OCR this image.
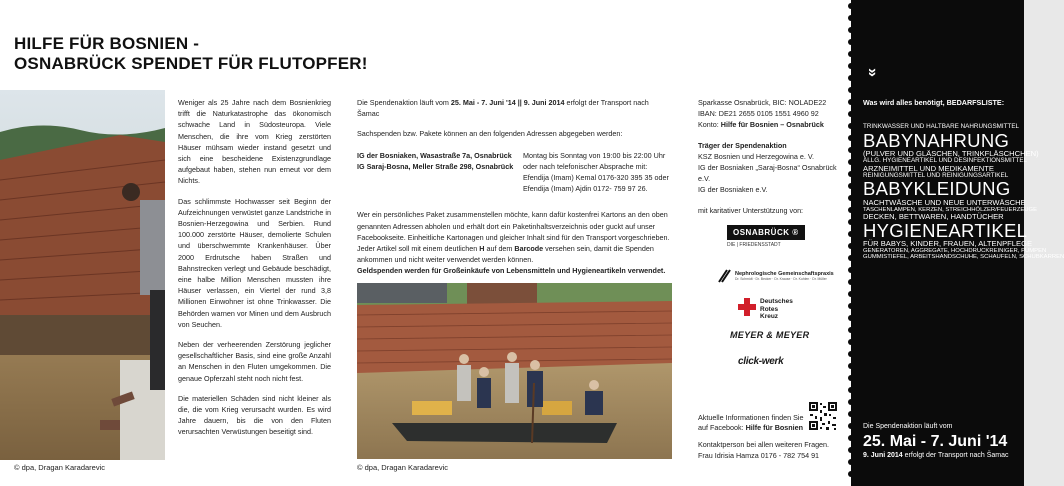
HILFE FÜR BOSNIEN -
OSNABRÜCK SPENDET FÜR FLUTOPFER!
© dpa, Dragan Karadarevic

Weniger als 25 Jahre nach dem Bosnienkrieg trifft die Naturkatastrophe das ökonomisch schwache Land in Südosteuropa. Viele Menschen, die ihre vom Krieg zerstörten Häuser mühsam wieder instand gesetzt und sich eine bescheidene Existenzgrundlage aufgebaut haben, stehen nun erneut vor dem Nichts.

Das schlimmste Hochwasser seit Beginn der Aufzeichnungen verwüstet ganze Landstriche in Bosnien-Herzegowina und Serbien. Rund 100.000 zerstörte Häuser, demolierte Schulen und überschwemmte Krankenhäuser. Über 2000 Erdrutsche haben Straßen und Bahnstrecken verlegt und Gebäude beschädigt, eine halbe Million Menschen mussten ihre Häuser verlassen, ein Viertel der rund 3,8 Millionen Einwohner ist ohne Trinkwasser. Die Behörden warnen vor Minen und dem Ausbruch von Seuchen.

Neben der verheerenden Zerstörung jeglicher gesellschaftlicher Basis, sind eine große Anzahl an Menschen in den Fluten umgekommen. Die genaue Opferzahl steht noch nicht fest.

Die materiellen Schäden sind nicht kleiner als die, die vom Krieg verursacht wurden. Es wird Jahre dauern, bis die von den Fluten verursachten Verwüstungen beseitigt sind.

Die Spendenaktion läuft vom 25. Mai - 7. Juni '14 || 9. Juni 2014 erfolgt der Transport nach Šamac

Sachspenden bzw. Pakete können an den folgenden Adressen abgegeben werden:

IG der Bosniaken, Wasastraße 7a, Osnabrück
IG Saraj-Bosna, Meller Straße 298, Osnabrück
Montag bis Sonntag von 19:00 bis 22:00 Uhr
oder nach telefonischer Absprache mit:
Efendija (Imam) Kemal 0176-320 395 35 oder
Efendija (Imam) Ajdin 0172- 759 97 26.

Wer ein persönliches Paket zusammenstellen möchte, kann dafür kostenfrei Kartons an den oben genannten Adressen abholen und erhält dort ein Paketinhaltsverzeichnis oder guckt auf unser Facebookseite. Einheitliche Kartonagen und gleicher Inhalt sind für den Transport vorgeschrieben. Jeder Artikel soll mit einem deutlichen H auf dem Barcode versehen sein, damit die Spenden ankommen und nicht weiter verwendet werden können.

Geldspenden werden für Großeinkäufe von Lebensmitteln und Hygieneartikeln verwendet.

© dpa, Dragan Karadarevic
Sparkasse Osnabrück, BIC: NOLADE22
IBAN: DE21 2655 0105 1551 4960 92
Konto: Hilfe für Bosnien – Osnabrück
Träger der Spendenaktion
KSZ Bosnien und Herzegowina e. V.
IG der Bosniaken „Saraj-Bosna“ Osnabrück e.V.
IG der Bosniaken e.V.
mit karitativer Unterstützung von:
OSNABRÜCK ®
DIE | FRIEDENSSTADT
Nephrologische Gemeinschaftspraxis
Dr. Schmidt · Dr. Becker · Dr. Krause · Dr. Kuhlen · Dr. Müller
Deutsches
Rotes
Kreuz
MEYER & MEYER
click-werk
Aktuelle Informationen finden Sie
auf Facebook: Hilfe für Bosnien
Kontaktperson bei allen weiteren Fragen.
Frau Idrisia Hamza 0176 - 782 754 91
»
Was wird alles benötigt, BEDARFSLISTE:
TRINKWASSER UND HALTBARE NAHRUNGSMITTEL
BABYNAHRUNG
(PULVER UND GLÄSCHEN, TRINKFLÄSCHCHEN)
ALLG. HYGIENEARTIKEL UND DESINFEKTIONSMITTEL
ARZNEIMITTEL UND MEDIKAMENTE
REINIGUNGSMITTEL UND REINIGUNGSARTIKEL
BABYKLEIDUNG
NACHTWÄSCHE UND NEUE UNTERWÄSCHE
TASCHENLAMPEN, KERZEN, STREICHHÖLZER/FEUERZEUGE
DECKEN, BETTWAREN, HANDTÜCHER
HYGIENEARTIKEL
FÜR BABYS, KINDER, FRAUEN, ALTENPFLEGE
GENERATOREN, AGGREGATE, HOCHDRUCKREINIGER, PUMPEN
GUMMISTIEFEL, ARBEITSHANDSCHUHE, SCHAUFELN, SCHUBKARREN
Die Spendenaktion läuft vom
25. Mai - 7. Juni '14
9. Juni 2014 erfolgt der Transport nach Šamac
